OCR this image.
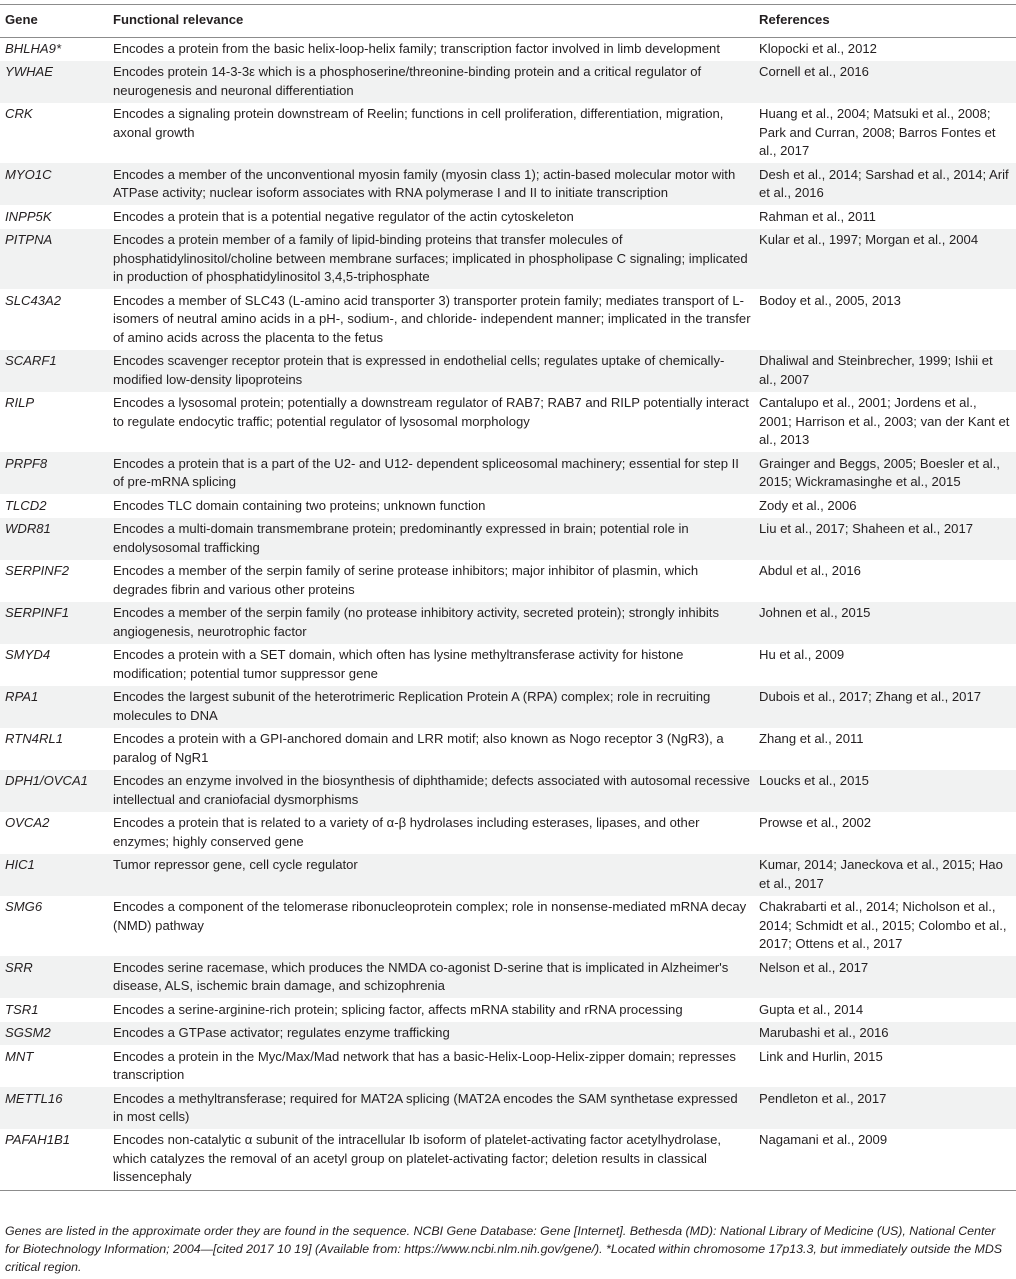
Gene	Functional relevance	References
BHLHA9*	Encodes a protein from the basic helix-loop-helix family; transcription factor involved in limb development	Klopocki et al., 2012
YWHAE	Encodes protein 14-3-3ε which is a phosphoserine/threonine-binding protein and a critical regulator of neurogenesis and neuronal differentiation	Cornell et al., 2016
CRK	Encodes a signaling protein downstream of Reelin; functions in cell proliferation, differentiation, migration, axonal growth	Huang et al., 2004; Matsuki et al., 2008; Park and Curran, 2008; Barros Fontes et al., 2017
MYO1C	Encodes a member of the unconventional myosin family (myosin class 1); actin-based molecular motor with ATPase activity; nuclear isoform associates with RNA polymerase I and II to initiate transcription	Desh et al., 2014; Sarshad et al., 2014; Arif et al., 2016
INPP5K	Encodes a protein that is a potential negative regulator of the actin cytoskeleton	Rahman et al., 2011
PITPNA	Encodes a protein member of a family of lipid-binding proteins that transfer molecules of phosphatidylinositol/choline between membrane surfaces; implicated in phospholipase C signaling; implicated in production of phosphatidylinositol 3,4,5-triphosphate	Kular et al., 1997; Morgan et al., 2004
SLC43A2	Encodes a member of SLC43 (L-amino acid transporter 3) transporter protein family; mediates transport of L-isomers of neutral amino acids in a pH-, sodium-, and chloride- independent manner; implicated in the transfer of amino acids across the placenta to the fetus	Bodoy et al., 2005, 2013
SCARF1	Encodes scavenger receptor protein that is expressed in endothelial cells; regulates uptake of chemically-modified low-density lipoproteins	Dhaliwal and Steinbrecher, 1999; Ishii et al., 2007
RILP	Encodes a lysosomal protein; potentially a downstream regulator of RAB7; RAB7 and RILP potentially interact to regulate endocytic traffic; potential regulator of lysosomal morphology	Cantalupo et al., 2001; Jordens et al., 2001; Harrison et al., 2003; van der Kant et al., 2013
PRPF8	Encodes a protein that is a part of the U2- and U12- dependent spliceosomal machinery; essential for step II of pre-mRNA splicing	Grainger and Beggs, 2005; Boesler et al., 2015; Wickramasinghe et al., 2015
TLCD2	Encodes TLC domain containing two proteins; unknown function	Zody et al., 2006
WDR81	Encodes a multi-domain transmembrane protein; predominantly expressed in brain; potential role in endolysosomal trafficking	Liu et al., 2017; Shaheen et al., 2017
SERPINF2	Encodes a member of the serpin family of serine protease inhibitors; major inhibitor of plasmin, which degrades fibrin and various other proteins	Abdul et al., 2016
SERPINF1	Encodes a member of the serpin family (no protease inhibitory activity, secreted protein); strongly inhibits angiogenesis, neurotrophic factor	Johnen et al., 2015
SMYD4	Encodes a protein with a SET domain, which often has lysine methyltransferase activity for histone modification; potential tumor suppressor gene	Hu et al., 2009
RPA1	Encodes the largest subunit of the heterotrimeric Replication Protein A (RPA) complex; role in recruiting molecules to DNA	Dubois et al., 2017; Zhang et al., 2017
RTN4RL1	Encodes a protein with a GPI-anchored domain and LRR motif; also known as Nogo receptor 3 (NgR3), a paralog of NgR1	Zhang et al., 2011
DPH1/OVCA1	Encodes an enzyme involved in the biosynthesis of diphthamide; defects associated with autosomal recessive intellectual and craniofacial dysmorphisms	Loucks et al., 2015
OVCA2	Encodes a protein that is related to a variety of α-β hydrolases including esterases, lipases, and other enzymes; highly conserved gene	Prowse et al., 2002
HIC1	Tumor repressor gene, cell cycle regulator	Kumar, 2014; Janeckova et al., 2015; Hao et al., 2017
SMG6	Encodes a component of the telomerase ribonucleoprotein complex; role in nonsense-mediated mRNA decay (NMD) pathway	Chakrabarti et al., 2014; Nicholson et al., 2014; Schmidt et al., 2015; Colombo et al., 2017; Ottens et al., 2017
SRR	Encodes serine racemase, which produces the NMDA co-agonist D-serine that is implicated in Alzheimer's disease, ALS, ischemic brain damage, and schizophrenia	Nelson et al., 2017
TSR1	Encodes a serine-arginine-rich protein; splicing factor, affects mRNA stability and rRNA processing	Gupta et al., 2014
SGSM2	Encodes a GTPase activator; regulates enzyme trafficking	Marubashi et al., 2016
MNT	Encodes a protein in the Myc/Max/Mad network that has a basic-Helix-Loop-Helix-zipper domain; represses transcription	Link and Hurlin, 2015
METTL16	Encodes a methyltransferase; required for MAT2A splicing (MAT2A encodes the SAM synthetase expressed in most cells)	Pendleton et al., 2017
PAFAH1B1	Encodes non-catalytic α subunit of the intracellular Ib isoform of platelet-activating factor acetylhydrolase, which catalyzes the removal of an acetyl group on platelet-activating factor; deletion results in classical lissencephaly	Nagamani et al., 2009
Genes are listed in the approximate order they are found in the sequence. NCBI Gene Database: Gene [Internet]. Bethesda (MD): National Library of Medicine (US), National Center for Biotechnology Information; 2004—[cited 2017 10 19] (Available from: https://www.ncbi.nlm.nih.gov/gene/). *Located within chromosome 17p13.3, but immediately outside the MDS critical region.
